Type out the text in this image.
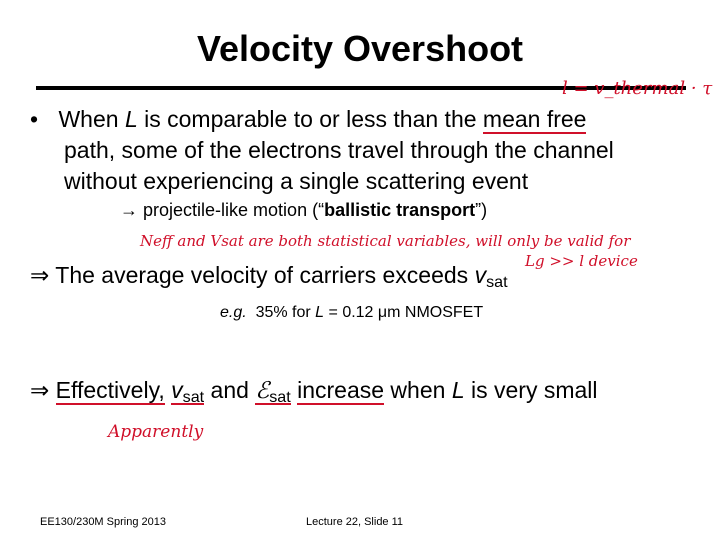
Velocity Overshoot
l = v_thermal · τ
• When L is comparable to or less than the mean free
path, some of the electrons travel through the channel
without experiencing a single scattering event
→ projectile-like motion (“ballistic transport”)
Neff and Vsat are both statistical variables, will only be valid for
Lg >> l device
⇒ The average velocity of carriers exceeds $v_{sat}$
e.g. 35% for L = 0.12 μm NMOSFET
⇒ Effectively, $v_{sat}$ and ℰ$_{sat}$ increase when L is very small
Apparently
EE130/230M Spring 2013	Lecture 22, Slide 11
